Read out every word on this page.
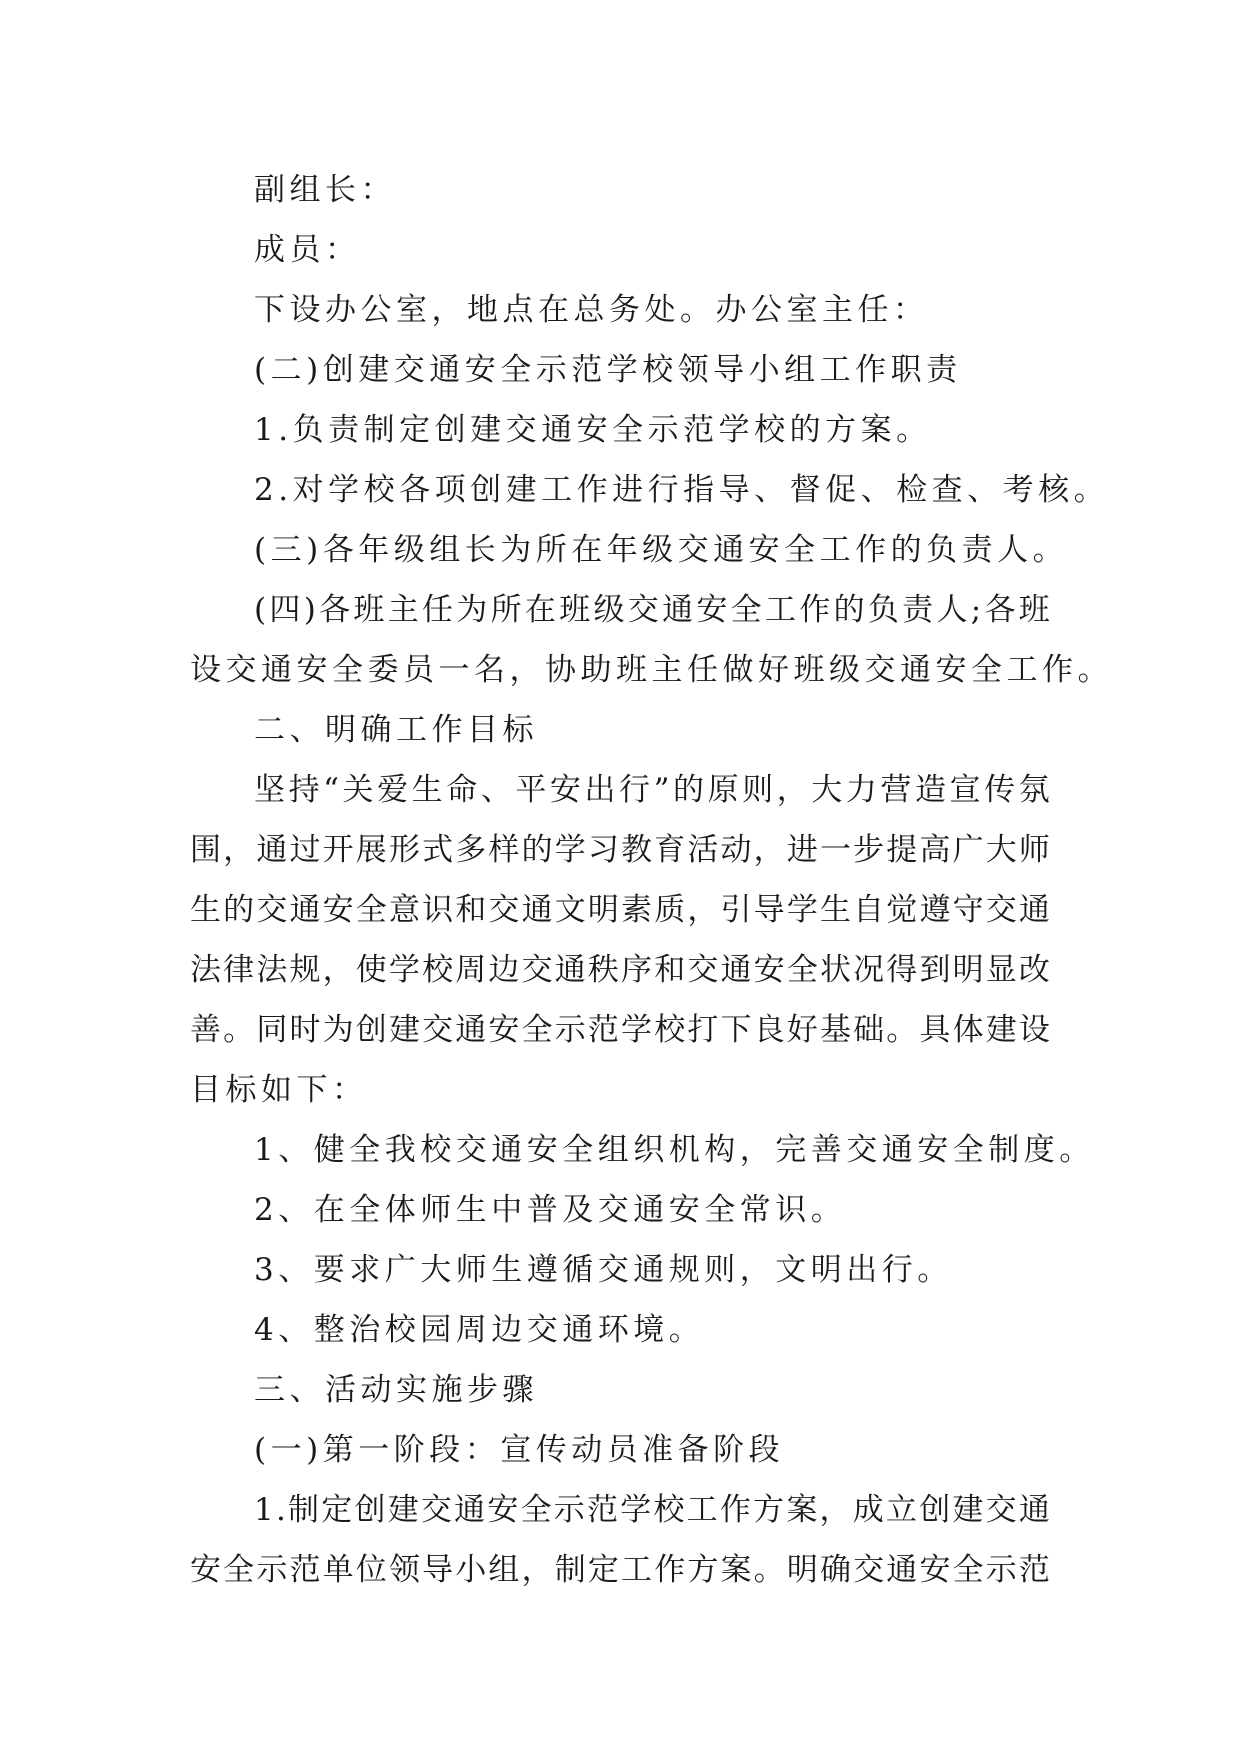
副组长：
成员：
下设办公室，地点在总务处。办公室主任：
(二)创建交通安全示范学校领导小组工作职责
1.负责制定创建交通安全示范学校的方案。
2.对学校各项创建工作进行指导、督促、检查、考核。
(三)各年级组长为所在年级交通安全工作的负责人。
( 四 ) 各 班 主 任 为 所 在 班 级 交 通 安 全 工 作 的 负 责 人 ; 各 班
设交通安全委员一名，协助班主任做好班级交通安全工作。
二、明确工作目标
坚 持 “ 关 爱 生 命 、 平 安 出 行 ” 的 原 则 ， 大 力 营 造 宣 传 氛
围 ， 通 过 开 展 形 式 多 样 的 学 习 教 育 活 动 ， 进 一 步 提 高 广 大 师
生 的 交 通 安 全 意 识 和 交 通 文 明 素 质 ， 引 导 学 生 自 觉 遵 守 交 通
法 律 法 规 ， 使 学 校 周 边 交 通 秩 序 和 交 通 安 全 状 况 得 到 明 显 改
善 。 同 时 为 创 建 交 通 安 全 示 范 学 校 打 下 良 好 基 础 。 具 体 建 设
目标如下：
1、健全我校交通安全组织机构，完善交通安全制度。
2、在全体师生中普及交通安全常识。
3、要求广大师生遵循交通规则，文明出行。
4、整治校园周边交通环境。
三、活动实施步骤
(一)第一阶段：宣传动员准备阶段
1 . 制 定 创 建 交 通 安 全 示 范 学 校 工 作 方 案 ， 成 立 创 建 交 通
安 全 示 范 单 位 领 导 小 组 ， 制 定 工 作 方 案 。 明 确 交 通 安 全 示 范
